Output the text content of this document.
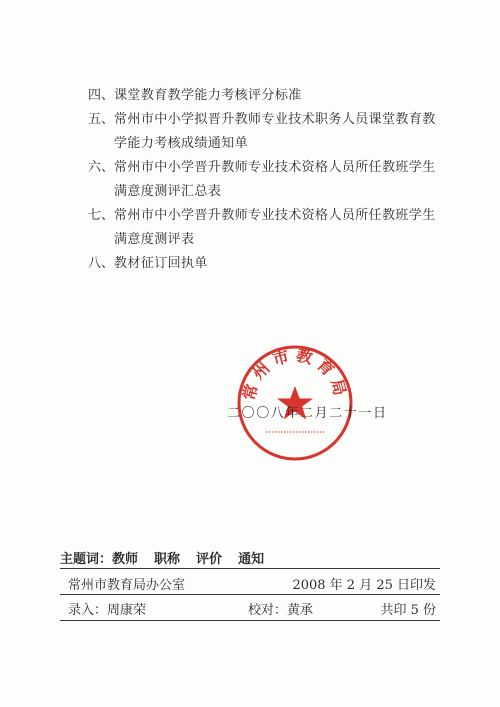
四、 课堂教育教学能力考核评分标准
五、 常州市中小学拟晋升教师专业技术职务人员课堂教育教学能力考核成绩通知单
六、 常州市中小学晋升教师专业技术资格人员所任教班学生满意度测评汇总表
七、 常州市中小学晋升教师专业技术资格人员所任教班学生满意度测评表
八、 教材征订回执单
常州市教育局
二〇〇八年二月二十一日
主题词：教师 职称 评价 通知
常州市教育局办公室	2008 年 2 月 25 日印发
录入：周康荣	校对：黄承	共印 5 份
